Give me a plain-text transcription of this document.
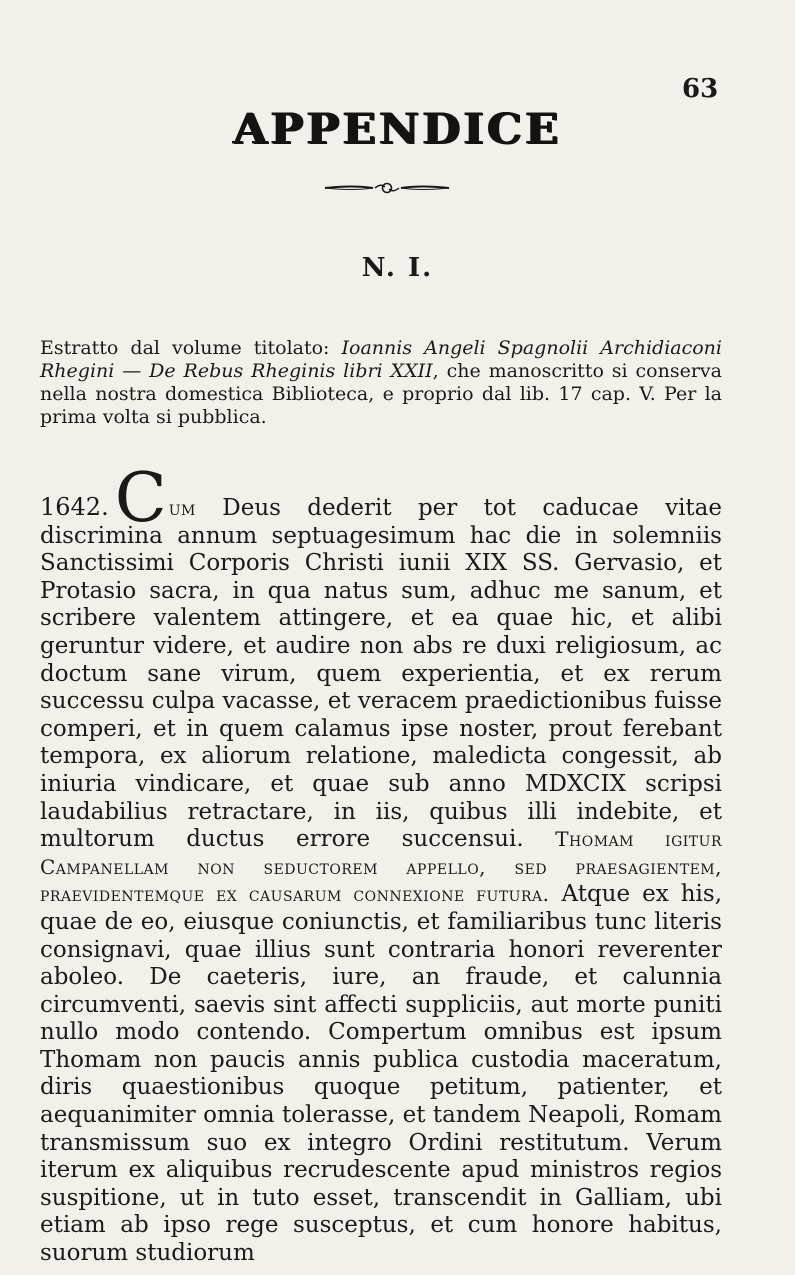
63
APPENDICE
N. I.

Estratto dal volume titolato: Ioannis Angeli Spagnolii Archidiaconi Rhegini — De Rebus Rheginis libri XXII, che manoscritto si conserva nella nostra domestica Biblioteca, e proprio dal lib. 17 cap. V. Per la prima volta si pubblica.

1642.C um Deus dederit per tot caducae vitae discrimina annum septuagesimum hac die in solemniis Sanctissimi Corporis Christi iunii XIX SS. Gervasio, et Protasio sacra, in qua natus sum, adhuc me sanum, et scribere valentem attingere, et ea quae hic, et alibi geruntur videre, et audire non abs re duxi religiosum, ac doctum sane virum, quem experientia, et ex rerum successu culpa vacasse, et veracem praedictionibus fuisse comperi, et in quem calamus ipse noster, prout ferebant tempora, ex aliorum relatione, maledicta congessit, ab iniuria vindicare, et quae sub anno MDXCIX scripsi laudabilius retractare, in iis, quibus illi indebite, et multorum ductus errore succensui. Thomam igitur Campanellam non seductorem appello, sed praesagientem, praevidentemque ex causarum connexione futura. Atque ex his, quae de eo, eiusque coniunctis, et familiaribus tunc literis consignavi, quae illius sunt contraria honori reverenter aboleo. De caeteris, iure, an fraude, et calunnia circumventi, saevis sint affecti suppliciis, aut morte puniti nullo modo contendo. Compertum omnibus est ipsum Thomam non paucis annis publica custodia maceratum, diris quaestionibus quoque petitum, patienter, et aequanimiter omnia tolerasse, et tandem Neapoli, Romam transmissum suo ex integro Ordini restitutum. Verum iterum ex aliquibus recrudescente apud ministros regios suspitione, ut in tuto esset, transcendit in Galliam, ubi etiam ab ipso rege susceptus, et cum honore habitus, suorum studiorum
